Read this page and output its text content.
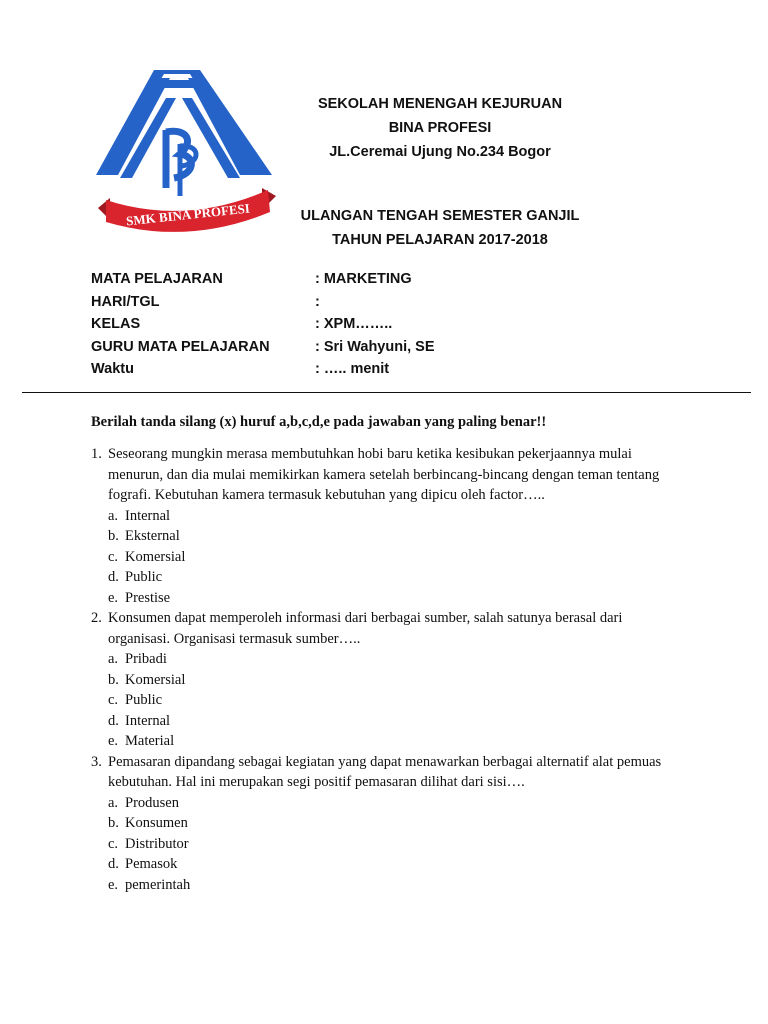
SMK BINA PROFESI
SEKOLAH MENENGAH KEJURUAN
BINA PROFESI
JL.Ceremai Ujung No.234 Bogor
ULANGAN TENGAH SEMESTER GANJIL
TAHUN PELAJARAN 2017-2018
MATA PELAJARAN	: MARKETING
HARI/TGL	:
KELAS	: XPM……..
GURU MATA PELAJARAN	: Sri Wahyuni, SE
Waktu	: ….. menit
Berilah tanda silang (x) huruf a,b,c,d,e pada jawaban yang paling benar!!
1. Seseorang mungkin merasa membutuhkan hobi baru ketika kesibukan pekerjaannya mulai menurun, dan dia mulai memikirkan kamera setelah berbincang-bincang dengan teman tentang fografi. Kebutuhan kamera termasuk kebutuhan yang dipicu oleh factor…..
a. Internal
b. Eksternal
c. Komersial
d. Public
e. Prestise
2. Konsumen dapat memperoleh informasi dari berbagai sumber, salah satunya berasal dari organisasi. Organisasi termasuk sumber…..
a. Pribadi
b. Komersial
c. Public
d. Internal
e. Material
3. Pemasaran dipandang sebagai kegiatan yang dapat menawarkan berbagai alternatif alat pemuas kebutuhan. Hal ini merupakan segi positif pemasaran dilihat dari sisi….
a. Produsen
b. Konsumen
c. Distributor
d. Pemasok
e. pemerintah
